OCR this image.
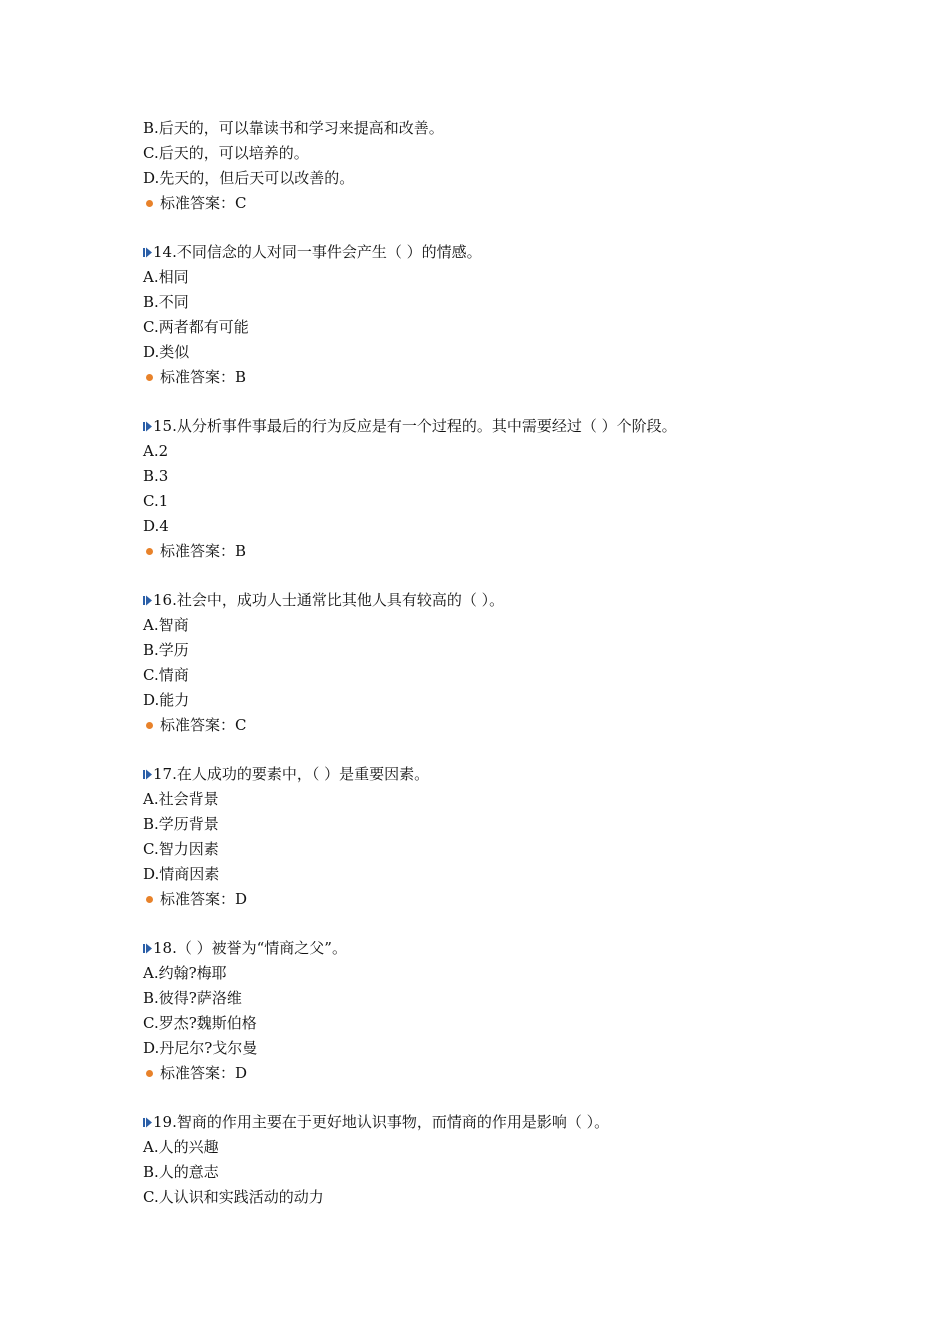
B.后天的，可以靠读书和学习来提高和改善。
C.后天的，可以培养的。
D.先天的，但后天可以改善的。
标准答案：C
14.不同信念的人对同一事件会产生（ ）的情感。
A.相同
B.不同
C.两者都有可能
D.类似
标准答案：B
15.从分析事件事最后的行为反应是有一个过程的。其中需要经过（ ）个阶段。
A.2
B.3
C.1
D.4
标准答案：B
16.社会中，成功人士通常比其他人具有较高的（ ）。
A.智商
B.学历
C.情商
D.能力
标准答案：C
17.在人成功的要素中，（ ）是重要因素。
A.社会背景
B.学历背景
C.智力因素
D.情商因素
标准答案：D
18.（ ）被誉为“情商之父”。
A.约翰?梅耶
B.彼得?萨洛维
C.罗杰?魏斯伯格
D.丹尼尔?戈尔曼
标准答案：D
19.智商的作用主要在于更好地认识事物，而情商的作用是影响（ ）。
A.人的兴趣
B.人的意志
C.人认识和实践活动的动力
